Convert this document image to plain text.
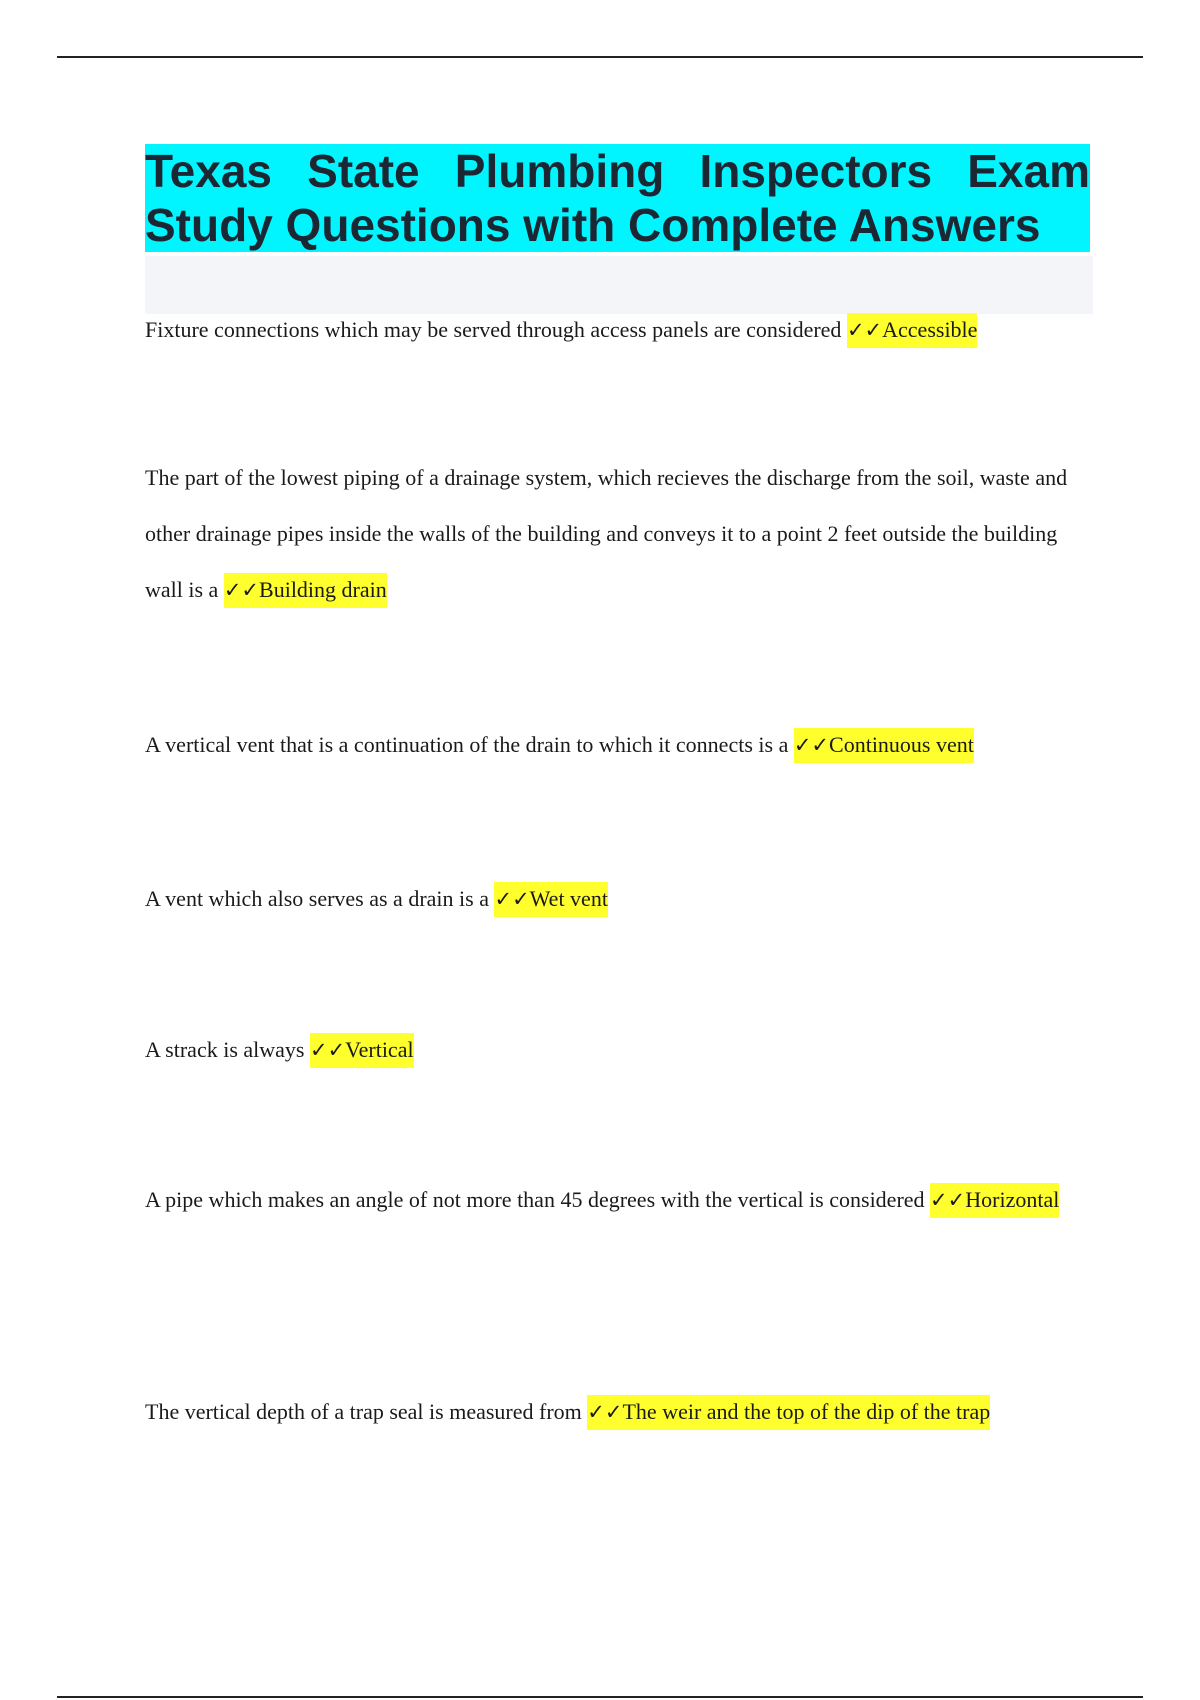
Texas State Plumbing Inspectors Exam
Study Questions with Complete Answers
Fixture connections which may be served through access panels are considered ✓✓Accessible
The part of the lowest piping of a drainage system, which recieves the discharge from the soil, waste and other drainage pipes inside the walls of the building and conveys it to a point 2 feet outside the building wall is a ✓✓Building drain
A vertical vent that is a continuation of the drain to which it connects is a ✓✓Continuous vent
A vent which also serves as a drain is a ✓✓Wet vent
A strack is always ✓✓Vertical
A pipe which makes an angle of not more than 45 degrees with the vertical is considered ✓✓Horizontal
The vertical depth of a trap seal is measured from ✓✓The weir and the top of the dip of the trap
